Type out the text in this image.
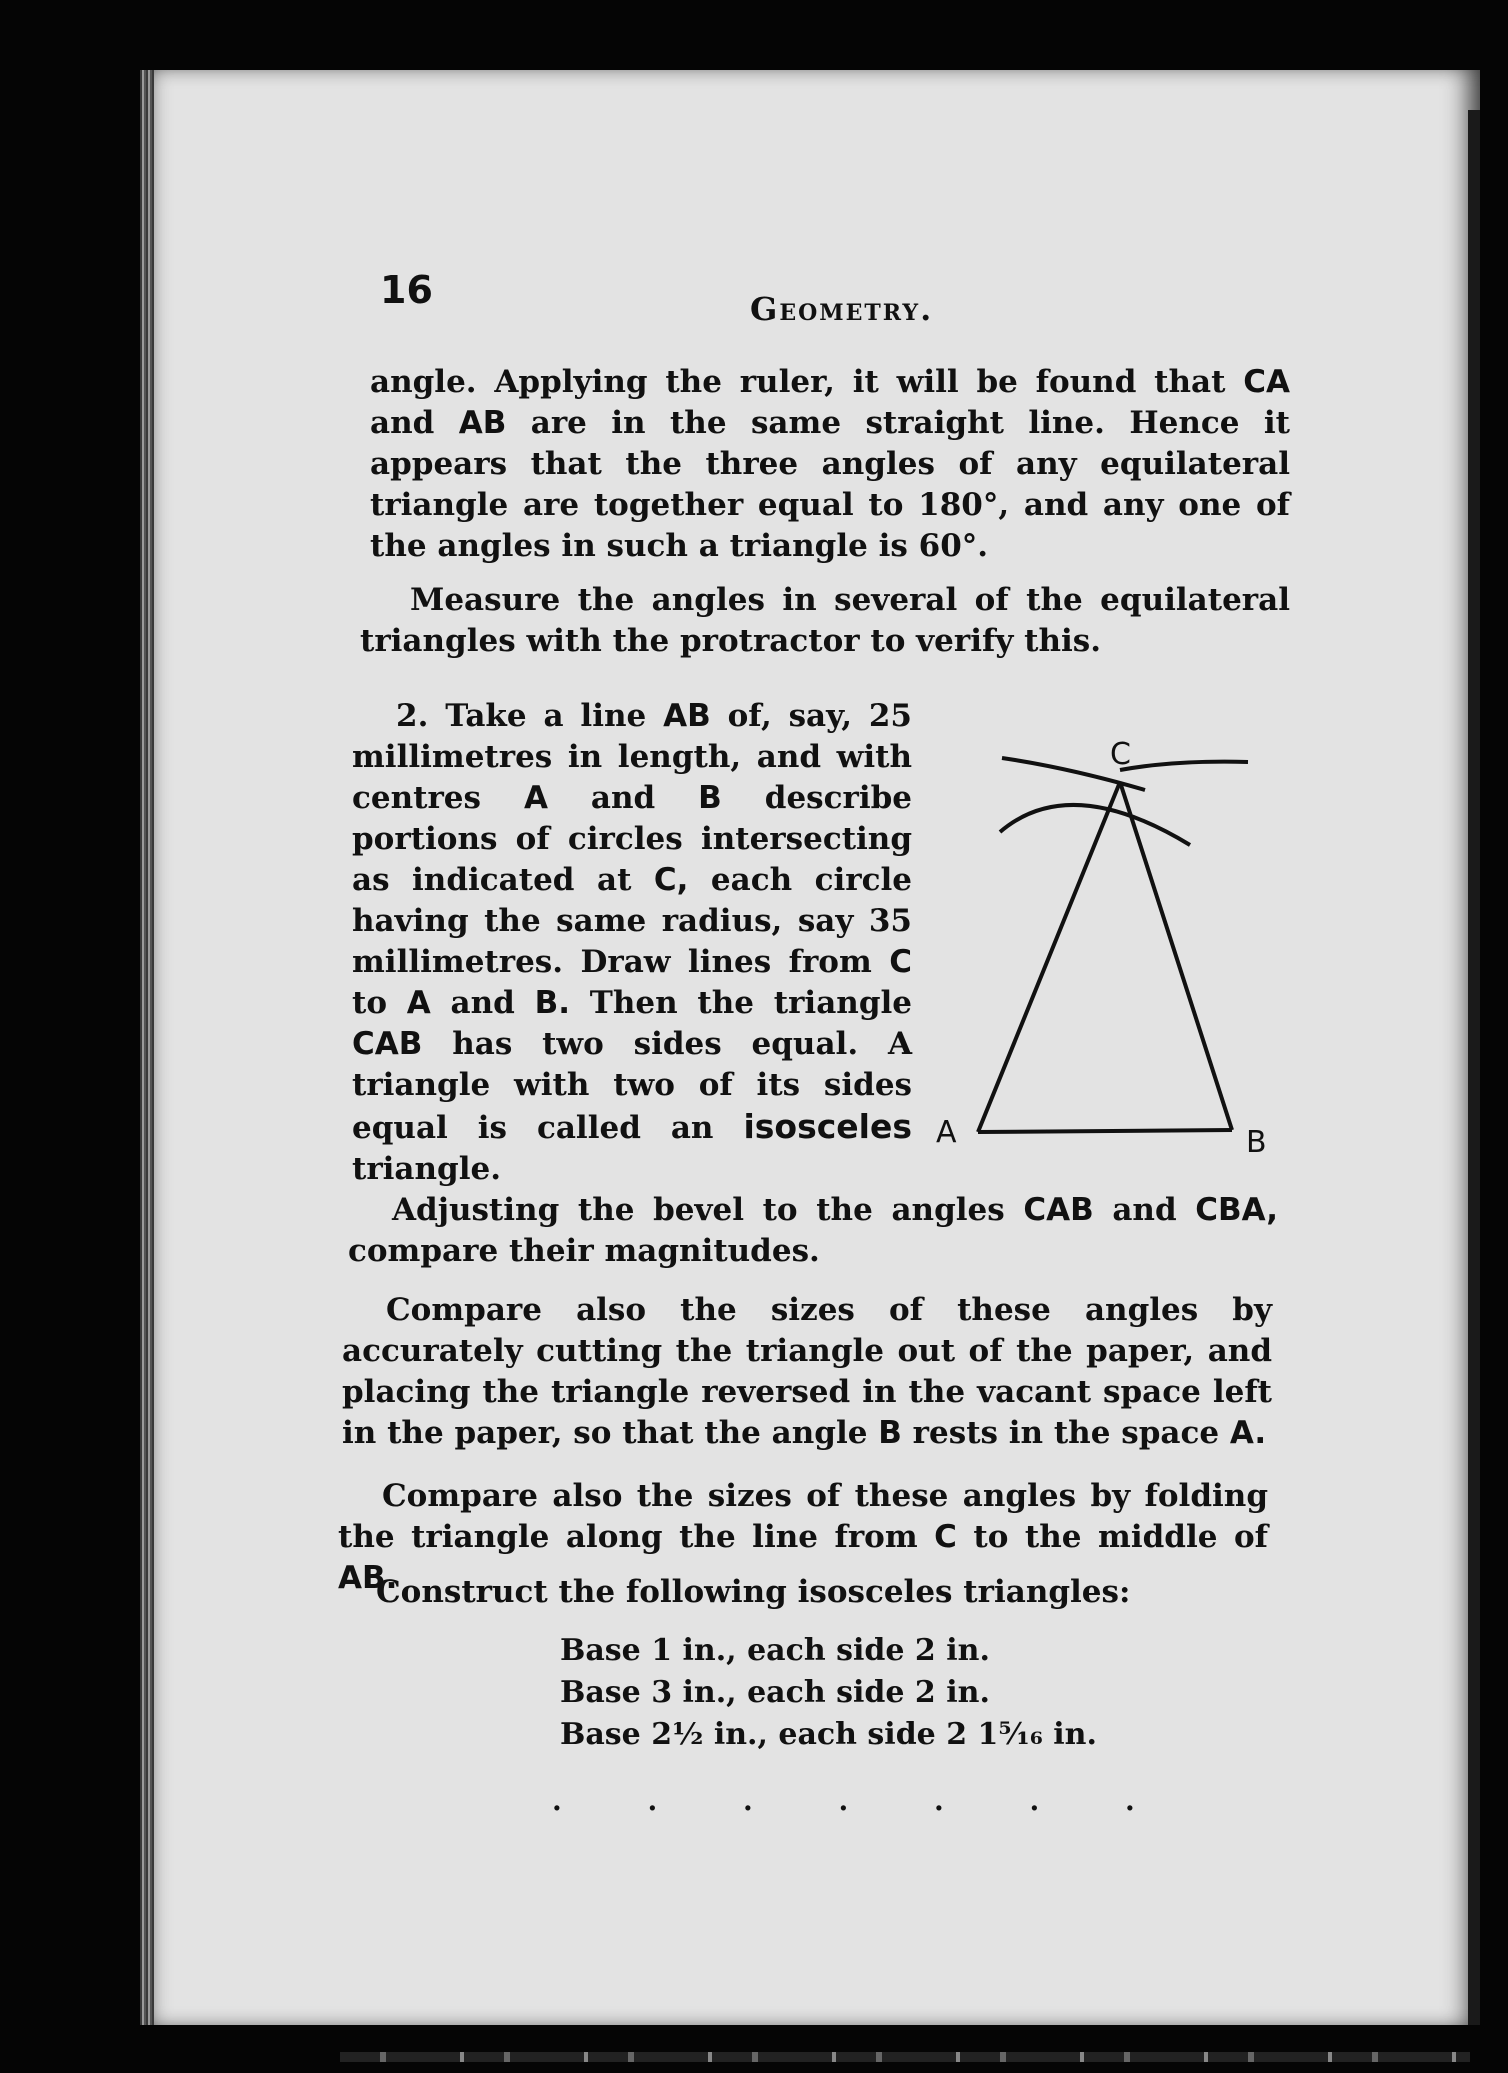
16	Geometry.

angle. Applying the ruler, it will be found that CA and AB are in the same straight line. Hence it appears that the three angles of any equilateral triangle are together equal to 180°, and any one of the angles in such a triangle is 60°.

Measure the angles in several of the equilateral triangles with the protractor to verify this.

2. Take a line AB of, say, 25 millimetres in length, and with centres A and B describe portions of circles intersecting as indicated at C, each circle having the same radius, say 35 millimetres. Draw lines from C to A and B. Then the triangle CAB has two sides equal. A triangle with two of its sides equal is called an isosceles triangle.

C
A	B

Adjusting the bevel to the angles CAB and CBA, compare their magnitudes.

Compare also the sizes of these angles by accurately cutting the triangle out of the paper, and placing the triangle reversed in the vacant space left in the paper, so that the angle B rests in the space A.

Compare also the sizes of these angles by folding the triangle along the line from C to the middle of AB.

Construct the following isosceles triangles:

Base 1 in., each side 2 in.
Base 3 in., each side 2 in.
Base 2½ in., each side 2 1⁵⁄₁₆ in.
. . . . . . .
